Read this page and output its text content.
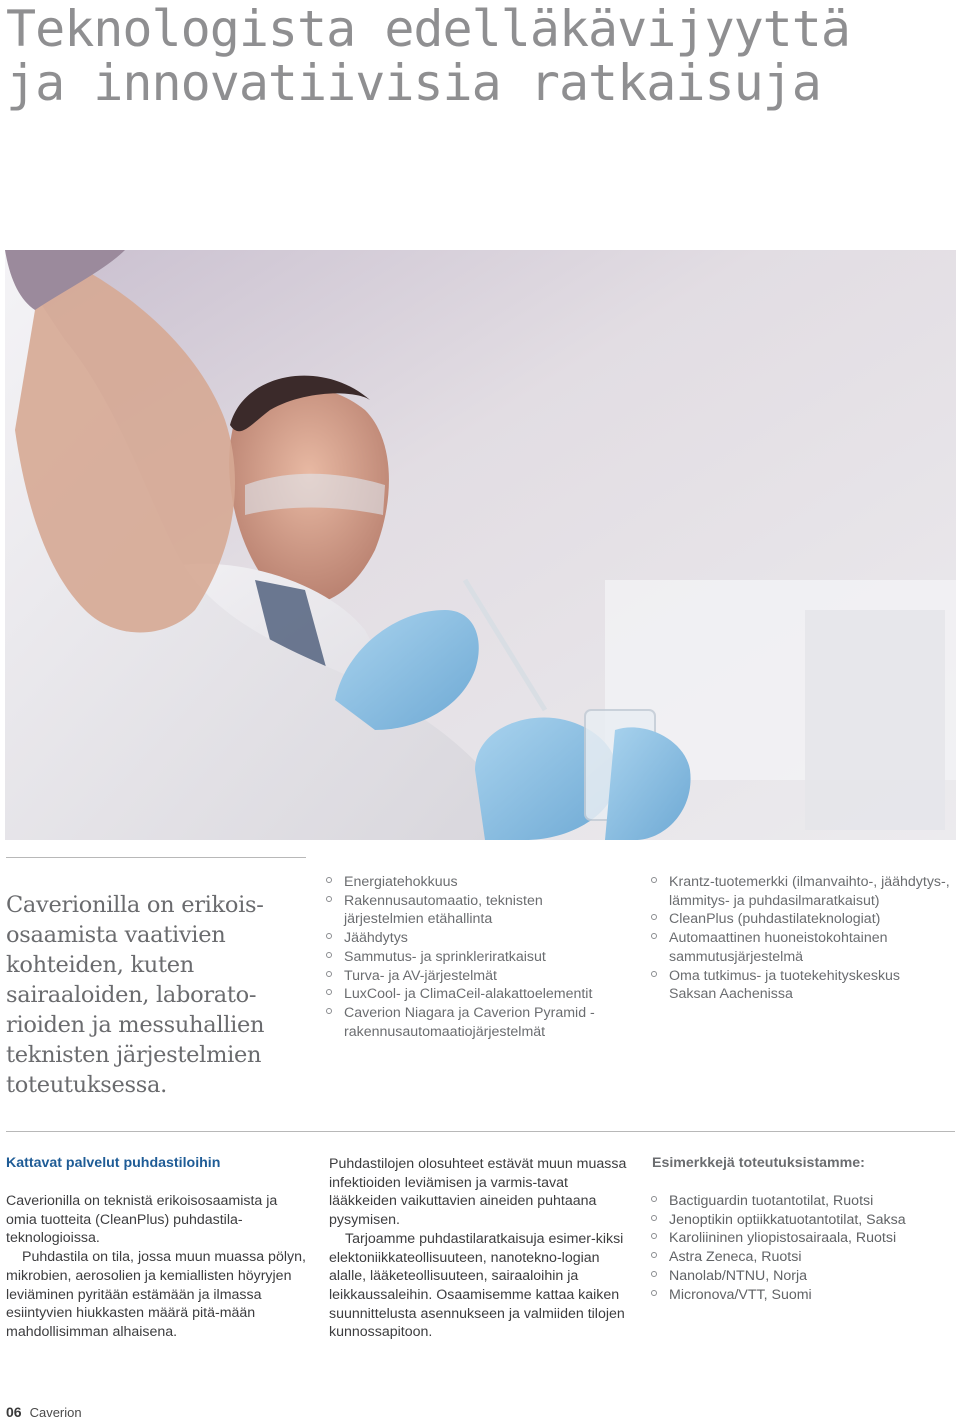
Teknologista edelläkävijyyttä
ja innovatiivisia ratkaisuja

Caverionilla on erikois-osaamista vaativien kohteiden, kuten sairaaloiden, laborato-rioiden ja messuhallien teknisten järjestelmien toteutuksessa.

Energiatehokkuus
Rakennusautomaatio, teknisten järjestelmien etähallinta
Jäähdytys
Sammutus- ja sprinkleriratkaisut
Turva- ja AV-järjestelmät
LuxCool- ja ClimaCeil-alakattoelementit
Caverion Niagara ja Caverion Pyramid -rakennusautomaatiojärjestelmät
Krantz-tuotemerkki (ilmanvaihto-, jäähdytys-, lämmitys- ja puhdasilmaratkaisut)
CleanPlus (puhdastilateknologiat)
Automaattinen huoneistokohtainen sammutusjärjestelmä
Oma tutkimus- ja tuotekehityskeskus Saksan Aachenissa
Kattavat palvelut puhdastiloihin

Caverionilla on teknistä erikoisosaamista ja omia tuotteita (CleanPlus) puhdastila-teknologioissa.

Puhdastila on tila, jossa muun muassa pölyn, mikrobien, aerosolien ja kemiallisten höyryjen leviäminen pyritään estämään ja ilmassa esiintyvien hiukkasten määrä pitä-mään mahdollisimman alhaisena.

Puhdastilojen olosuhteet estävät muun muassa infektioiden leviämisen ja varmis-tavat lääkkeiden vaikuttavien aineiden puhtaana pysymisen.

Tarjoamme puhdastilaratkaisuja esimer-kiksi elektoniikkateollisuuteen, nanotekno-logian alalle, lääketeollisuuteen, sairaaloihin ja leikkaussaleihin. Osaamisemme kattaa kaiken suunnittelusta asennukseen ja valmiiden tilojen kunnossapitoon.

Esimerkkejä toteutuksistamme:
Bactiguardin tuotantotilat, Ruotsi
Jenoptikin optiikkatuotantotilat, Saksa
Karoliininen yliopistosairaala, Ruotsi
Astra Zeneca, Ruotsi
Nanolab/NTNU, Norja
Micronova/VTT, Suomi
06 Caverion
